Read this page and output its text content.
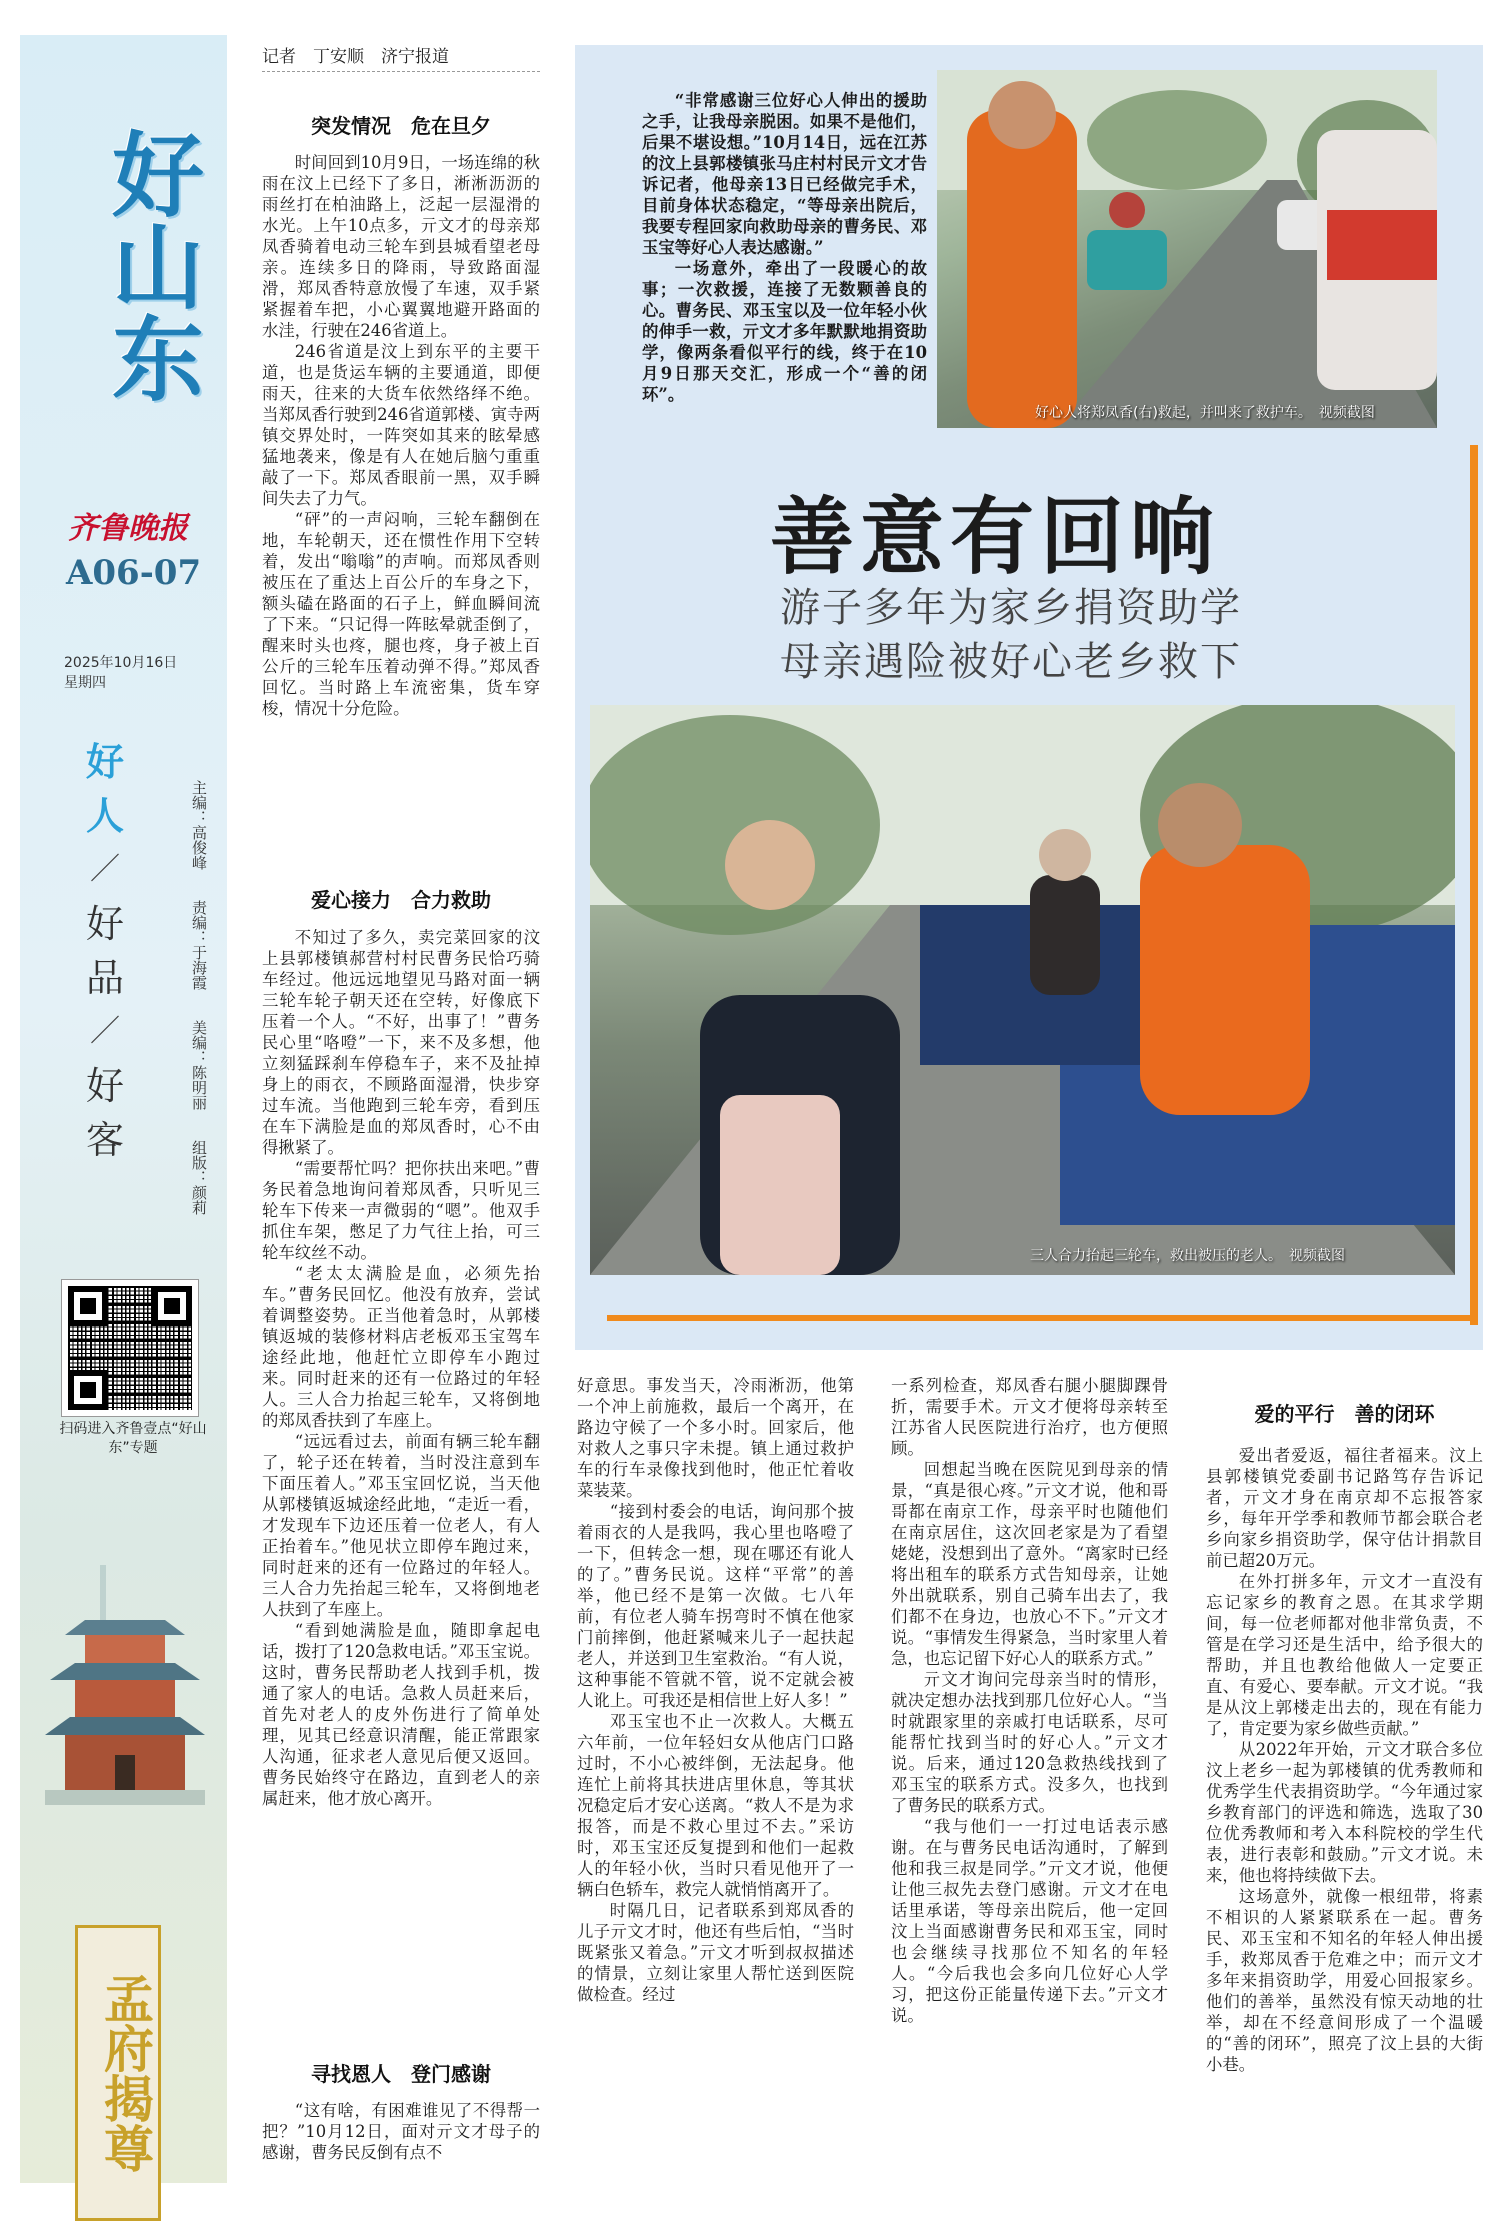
好山东
齐鲁晚报
A06-07
2025年10月16日
星期四
好
人
／
好
品
／
好
客
主编：高俊峰
责编：于海霞
美编：陈明丽
组版：颜莉
扫码进入齐鲁壹点“好山东”专题
孟府揭尊
记者　丁安顺　济宁报道
突发情况　危在旦夕

时间回到10月9日，一场连绵的秋雨在汶上已经下了多日，淅淅沥沥的雨丝打在柏油路上，泛起一层湿滑的水光。上午10点多，亓文才的母亲郑凤香骑着电动三轮车到县城看望老母亲。连续多日的降雨，导致路面湿滑，郑凤香特意放慢了车速，双手紧紧握着车把，小心翼翼地避开路面的水洼，行驶在246省道上。

246省道是汶上到东平的主要干道，也是货运车辆的主要通道，即便雨天，往来的大货车依然络绎不绝。当郑凤香行驶到246省道郭楼、寅寺两镇交界处时，一阵突如其来的眩晕感猛地袭来，像是有人在她后脑勺重重敲了一下。郑凤香眼前一黑，双手瞬间失去了力气。

“砰”的一声闷响，三轮车翻倒在地，车轮朝天，还在惯性作用下空转着，发出“嗡嗡”的声响。而郑凤香则被压在了重达上百公斤的车身之下，额头磕在路面的石子上，鲜血瞬间流了下来。“只记得一阵眩晕就歪倒了，醒来时头也疼，腿也疼，身子被上百公斤的三轮车压着动弹不得。”郑凤香回忆。当时路上车流密集，货车穿梭，情况十分危险。

爱心接力　合力救助

不知过了多久，卖完菜回家的汶上县郭楼镇郝营村村民曹务民恰巧骑车经过。他远远地望见马路对面一辆三轮车轮子朝天还在空转，好像底下压着一个人。“不好，出事了！”曹务民心里“咯噔”一下，来不及多想，他立刻猛踩刹车停稳车子，来不及扯掉身上的雨衣，不顾路面湿滑，快步穿过车流。当他跑到三轮车旁，看到压在车下满脸是血的郑凤香时，心不由得揪紧了。

“需要帮忙吗？把你扶出来吧。”曹务民着急地询问着郑凤香，只听见三轮车下传来一声微弱的“嗯”。他双手抓住车架，憋足了力气往上抬，可三轮车纹丝不动。

“老太太满脸是血，必须先抬车。”曹务民回忆。他没有放弃，尝试着调整姿势。正当他着急时，从郭楼镇返城的装修材料店老板邓玉宝驾车途经此地，他赶忙立即停车小跑过来。同时赶来的还有一位路过的年轻人。三人合力抬起三轮车，又将倒地的郑凤香扶到了车座上。

“远远看过去，前面有辆三轮车翻了，轮子还在转着，当时没注意到车下面压着人。”邓玉宝回忆说，当天他从郭楼镇返城途经此地，“走近一看，才发现车下边还压着一位老人，有人正抬着车。”他见状立即停车跑过来，同时赶来的还有一位路过的年轻人。三人合力先抬起三轮车，又将倒地老人扶到了车座上。

“看到她满脸是血，随即拿起电话，拨打了120急救电话。”邓玉宝说。这时，曹务民帮助老人找到手机，拨通了家人的电话。急救人员赶来后，首先对老人的皮外伤进行了简单处理，见其已经意识清醒，能正常跟家人沟通，征求老人意见后便又返回。曹务民始终守在路边，直到老人的亲属赶来，他才放心离开。

寻找恩人　登门感谢

“这有啥，有困难谁见了不得帮一把？”10月12日，面对亓文才母子的感谢，曹务民反倒有点不

“非常感谢三位好心人伸出的援助之手，让我母亲脱困。如果不是他们，后果不堪设想。”10月14日，远在江苏的汶上县郭楼镇张马庄村村民亓文才告诉记者，他母亲13日已经做完手术，目前身体状态稳定，“等母亲出院后，我要专程回家向救助母亲的曹务民、邓玉宝等好心人表达感谢。”

一场意外，牵出了一段暖心的故事；一次救援，连接了无数颗善良的心。曹务民、邓玉宝以及一位年轻小伙的伸手一救，亓文才多年默默地捐资助学，像两条看似平行的线，终于在10月9日那天交汇，形成一个“善的闭环”。

好心人将郑凤香(右)救起，并叫来了救护车。　视频截图
善意有回响
游子多年为家乡捐资助学
母亲遇险被好心老乡救下
三人合力抬起三轮车，救出被压的老人。　视频截图

好意思。事发当天，冷雨淅沥，他第一个冲上前施救，最后一个离开，在路边守候了一个多小时。回家后，他对救人之事只字未提。镇上通过救护车的行车录像找到他时，他正忙着收菜装菜。

“接到村委会的电话，询问那个披着雨衣的人是我吗，我心里也咯噔了一下，但转念一想，现在哪还有讹人的了。”曹务民说。这样“平常”的善举，他已经不是第一次做。七八年前，有位老人骑车拐弯时不慎在他家门前摔倒，他赶紧喊来儿子一起扶起老人，并送到卫生室救治。“有人说，这种事能不管就不管，说不定就会被人讹上。可我还是相信世上好人多！”

邓玉宝也不止一次救人。大概五六年前，一位年轻妇女从他店门口路过时，不小心被绊倒，无法起身。他连忙上前将其扶进店里休息，等其状况稳定后才安心送离。“救人不是为求报答，而是不救心里过不去。”采访时，邓玉宝还反复提到和他们一起救人的年轻小伙，当时只看见他开了一辆白色轿车，救完人就悄悄离开了。

时隔几日，记者联系到郑凤香的儿子亓文才时，他还有些后怕，“当时既紧张又着急。”亓文才听到叔叔描述的情景，立刻让家里人帮忙送到医院做检查。经过

一系列检查，郑凤香右腿小腿脚踝骨折，需要手术。亓文才便将母亲转至江苏省人民医院进行治疗，也方便照顾。

回想起当晚在医院见到母亲的情景，“真是很心疼。”亓文才说，他和哥哥都在南京工作，母亲平时也随他们在南京居住，这次回老家是为了看望姥姥，没想到出了意外。“离家时已经将出租车的联系方式告知母亲，让她外出就联系，别自己骑车出去了，我们都不在身边，也放心不下。”亓文才说。“事情发生得紧急，当时家里人着急，也忘记留下好心人的联系方式。”

亓文才询问完母亲当时的情形，就决定想办法找到那几位好心人。“当时就跟家里的亲戚打电话联系，尽可能帮忙找到当时的好心人。”亓文才说。后来，通过120急救热线找到了邓玉宝的联系方式。没多久，也找到了曹务民的联系方式。

“我与他们一一打过电话表示感谢。在与曹务民电话沟通时，了解到他和我三叔是同学。”亓文才说，他便让他三叔先去登门感谢。亓文才在电话里承诺，等母亲出院后，他一定回汶上当面感谢曹务民和邓玉宝，同时也会继续寻找那位不知名的年轻人。“今后我也会多向几位好心人学习，把这份正能量传递下去。”亓文才说。

爱的平行　善的闭环

爱出者爱返，福往者福来。汶上县郭楼镇党委副书记路笃存告诉记者，亓文才身在南京却不忘报答家乡，每年开学季和教师节都会联合老乡向家乡捐资助学，保守估计捐款目前已超20万元。

在外打拼多年，亓文才一直没有忘记家乡的教育之恩。在其求学期间，每一位老师都对他非常负责，不管是在学习还是生活中，给予很大的帮助，并且也教给他做人一定要正直、有爱心、要奉献。亓文才说。“我是从汶上郭楼走出去的，现在有能力了，肯定要为家乡做些贡献。”

从2022年开始，亓文才联合多位汶上老乡一起为郭楼镇的优秀教师和优秀学生代表捐资助学。“今年通过家乡教育部门的评选和筛选，选取了30位优秀教师和考入本科院校的学生代表，进行表彰和鼓励。”亓文才说。未来，他也将持续做下去。

这场意外，就像一根纽带，将素不相识的人紧紧联系在一起。曹务民、邓玉宝和不知名的年轻人伸出援手，救郑凤香于危难之中；而亓文才多年来捐资助学，用爱心回报家乡。他们的善举，虽然没有惊天动地的壮举，却在不经意间形成了一个温暖的“善的闭环”，照亮了汶上县的大街小巷。
